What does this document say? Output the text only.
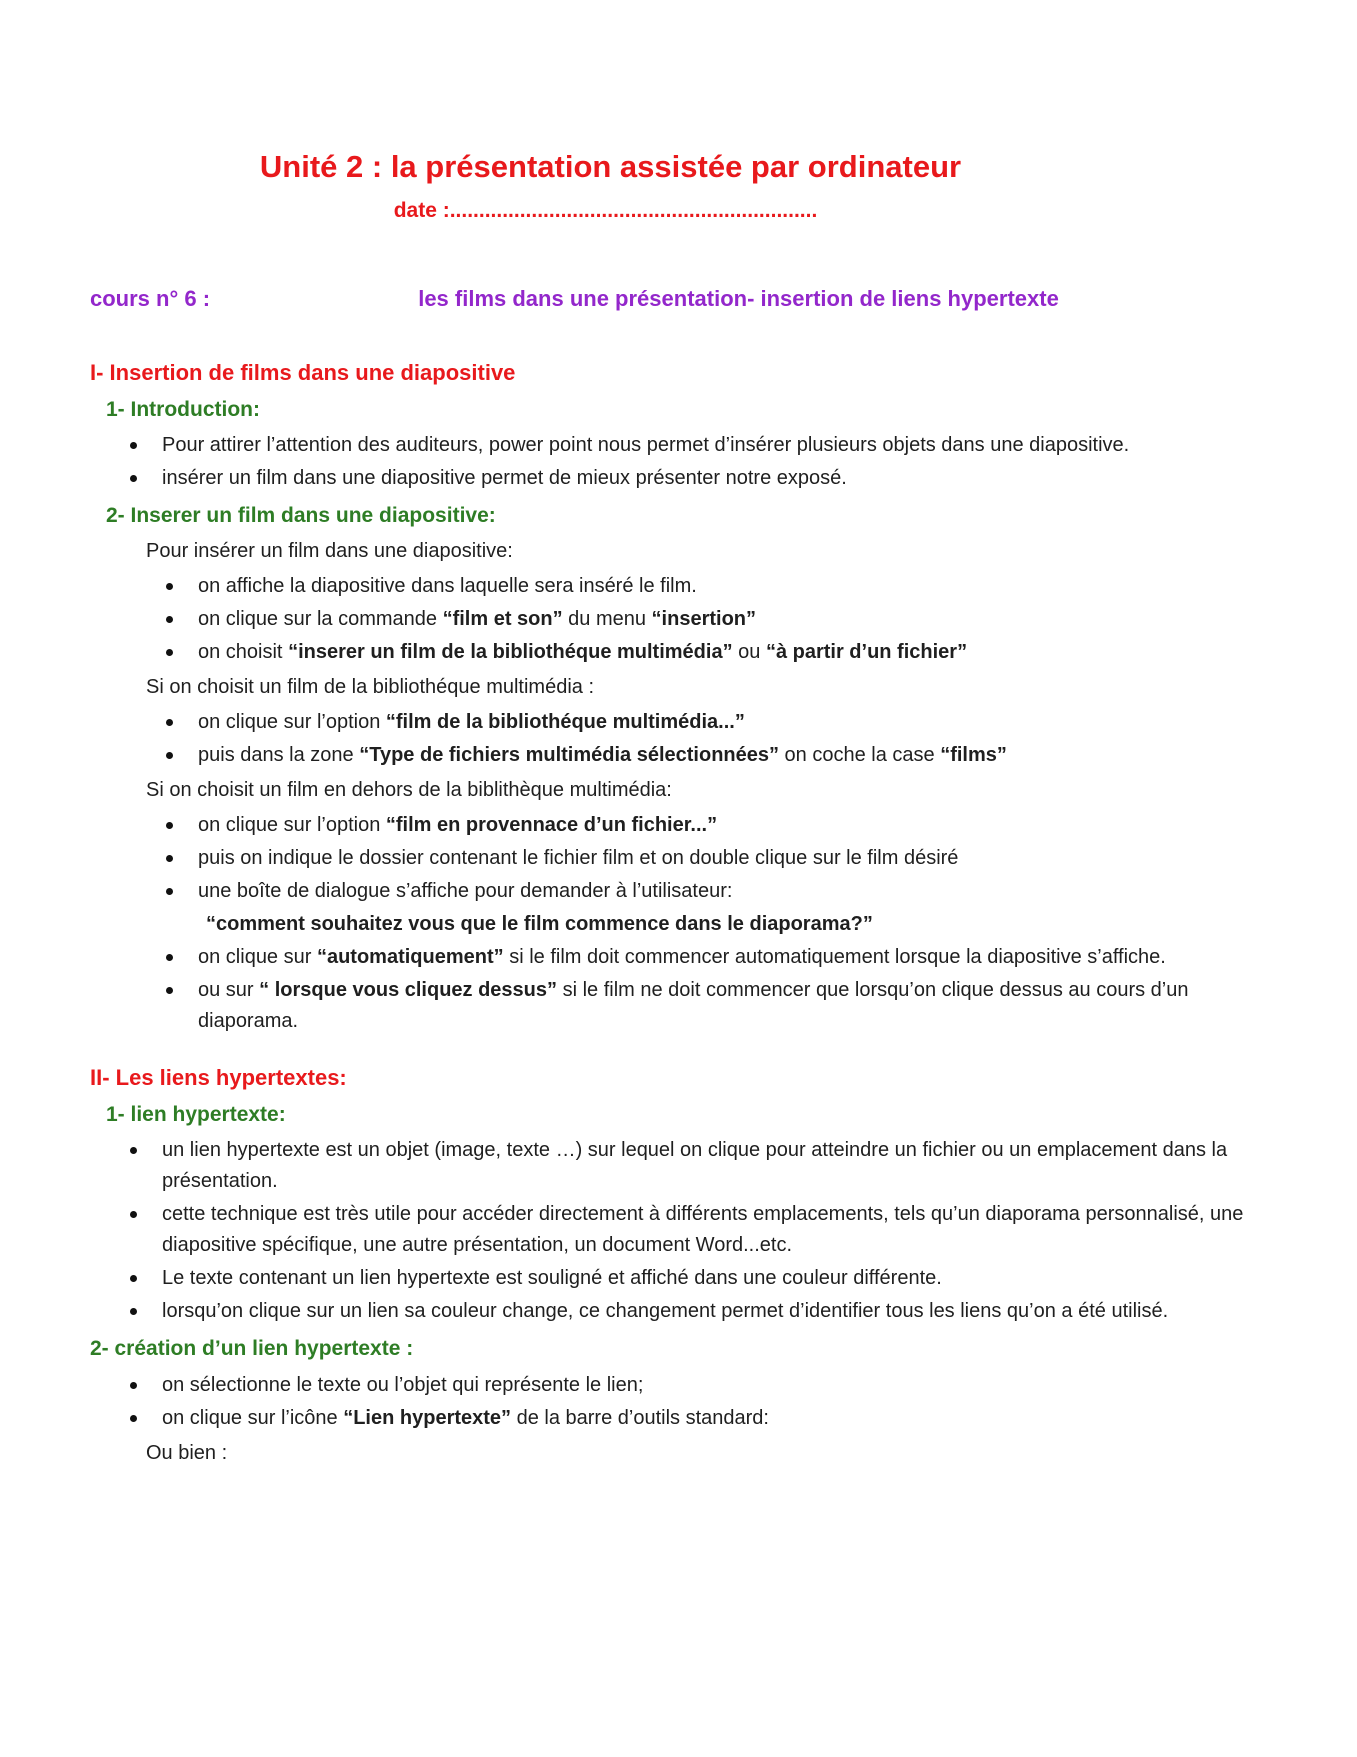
Unité 2 : la présentation assistée par ordinateur
date :...............................................................
cours n° 6 :	les films dans une présentation- insertion de liens hypertexte
I- Insertion de films dans une diapositive
1- Introduction:
Pour attirer l’attention des auditeurs, power point nous permet d’insérer plusieurs objets dans une diapositive.
insérer un film dans une diapositive permet de mieux présenter notre exposé.
2- Inserer un film dans une diapositive:
Pour insérer un film dans une diapositive:
on affiche la diapositive dans laquelle sera inséré le film.
on clique sur la commande “film et son” du menu “insertion”
on choisit “inserer un film de la bibliothéque multimédia” ou “à partir d’un fichier”
Si on choisit un film de la bibliothéque multimédia :
on clique sur l’option “film de la bibliothéque multimédia...”
puis dans la zone “Type de fichiers multimédia sélectionnées” on coche la case “films”
Si on choisit un film en dehors de la biblithèque multimédia:
on clique sur l’option “film en provennace d’un fichier...”
puis on indique le dossier contenant le fichier film et on double clique sur le film désiré
une boîte de dialogue s’affiche pour demander à l’utilisateur:
“comment souhaitez vous que le film commence dans le diaporama?”
on clique sur “automatiquement” si le film doit commencer automatiquement lorsque la diapositive s’affiche.
ou sur “ lorsque vous cliquez dessus” si le film ne doit commencer que lorsqu’on clique dessus au cours d’un diaporama.
II- Les liens hypertextes:
1- lien hypertexte:
un lien hypertexte est un objet (image, texte …) sur lequel on clique pour atteindre un fichier ou un emplacement dans la présentation.
cette technique est très utile pour accéder directement à différents emplacements, tels qu’un diaporama personnalisé, une diapositive spécifique, une autre présentation, un document Word...etc.
Le texte contenant un lien hypertexte est souligné et affiché dans une couleur différente.
lorsqu’on clique sur un lien sa couleur change, ce changement permet d’identifier tous les liens qu’on a été utilisé.
2- création d’un lien hypertexte :
on sélectionne le texte ou l’objet qui représente le lien;
on clique sur l’icône “Lien hypertexte” de la barre d’outils standard:
Ou bien :
